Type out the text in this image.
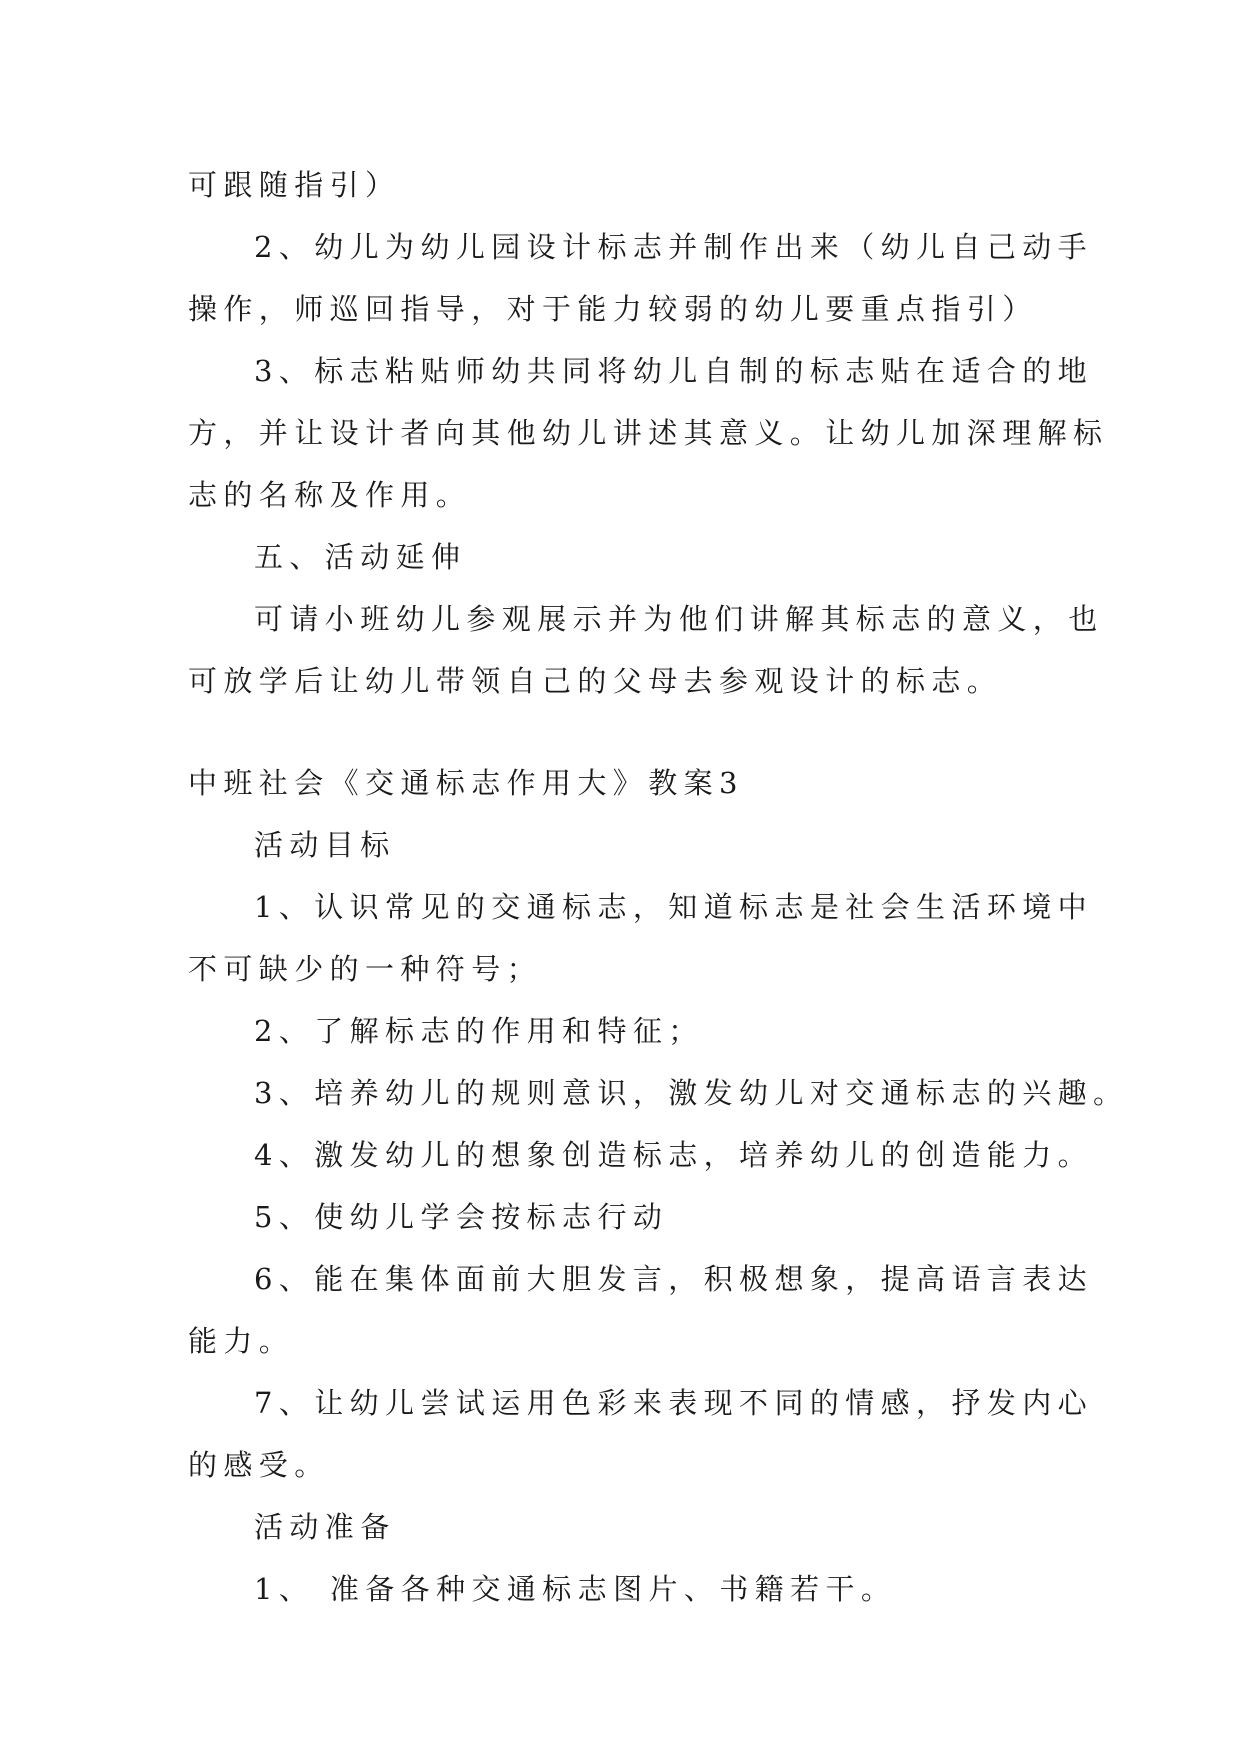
可跟随指引）
2、幼儿为幼儿园设计标志并制作出来（幼儿自己动手
操作，师巡回指导，对于能力较弱的幼儿要重点指引）
3、标志粘贴师幼共同将幼儿自制的标志贴在适合的地
方，并让设计者向其他幼儿讲述其意义。让幼儿加深理解标
志的名称及作用。
五、活动延伸
可请小班幼儿参观展示并为他们讲解其标志的意义，也
可放学后让幼儿带领自己的父母去参观设计的标志。
中班社会《交通标志作用大》教案3
活动目标
1、认识常见的交通标志，知道标志是社会生活环境中
不可缺少的一种符号；
2、了解标志的作用和特征；
3、培养幼儿的规则意识，激发幼儿对交通标志的兴趣。
4、激发幼儿的想象创造标志，培养幼儿的创造能力。
5、使幼儿学会按标志行动
6、能在集体面前大胆发言，积极想象，提高语言表达
能力。
7、让幼儿尝试运用色彩来表现不同的情感，抒发内心
的感受。
活动准备
1、 准备各种交通标志图片、书籍若干。
